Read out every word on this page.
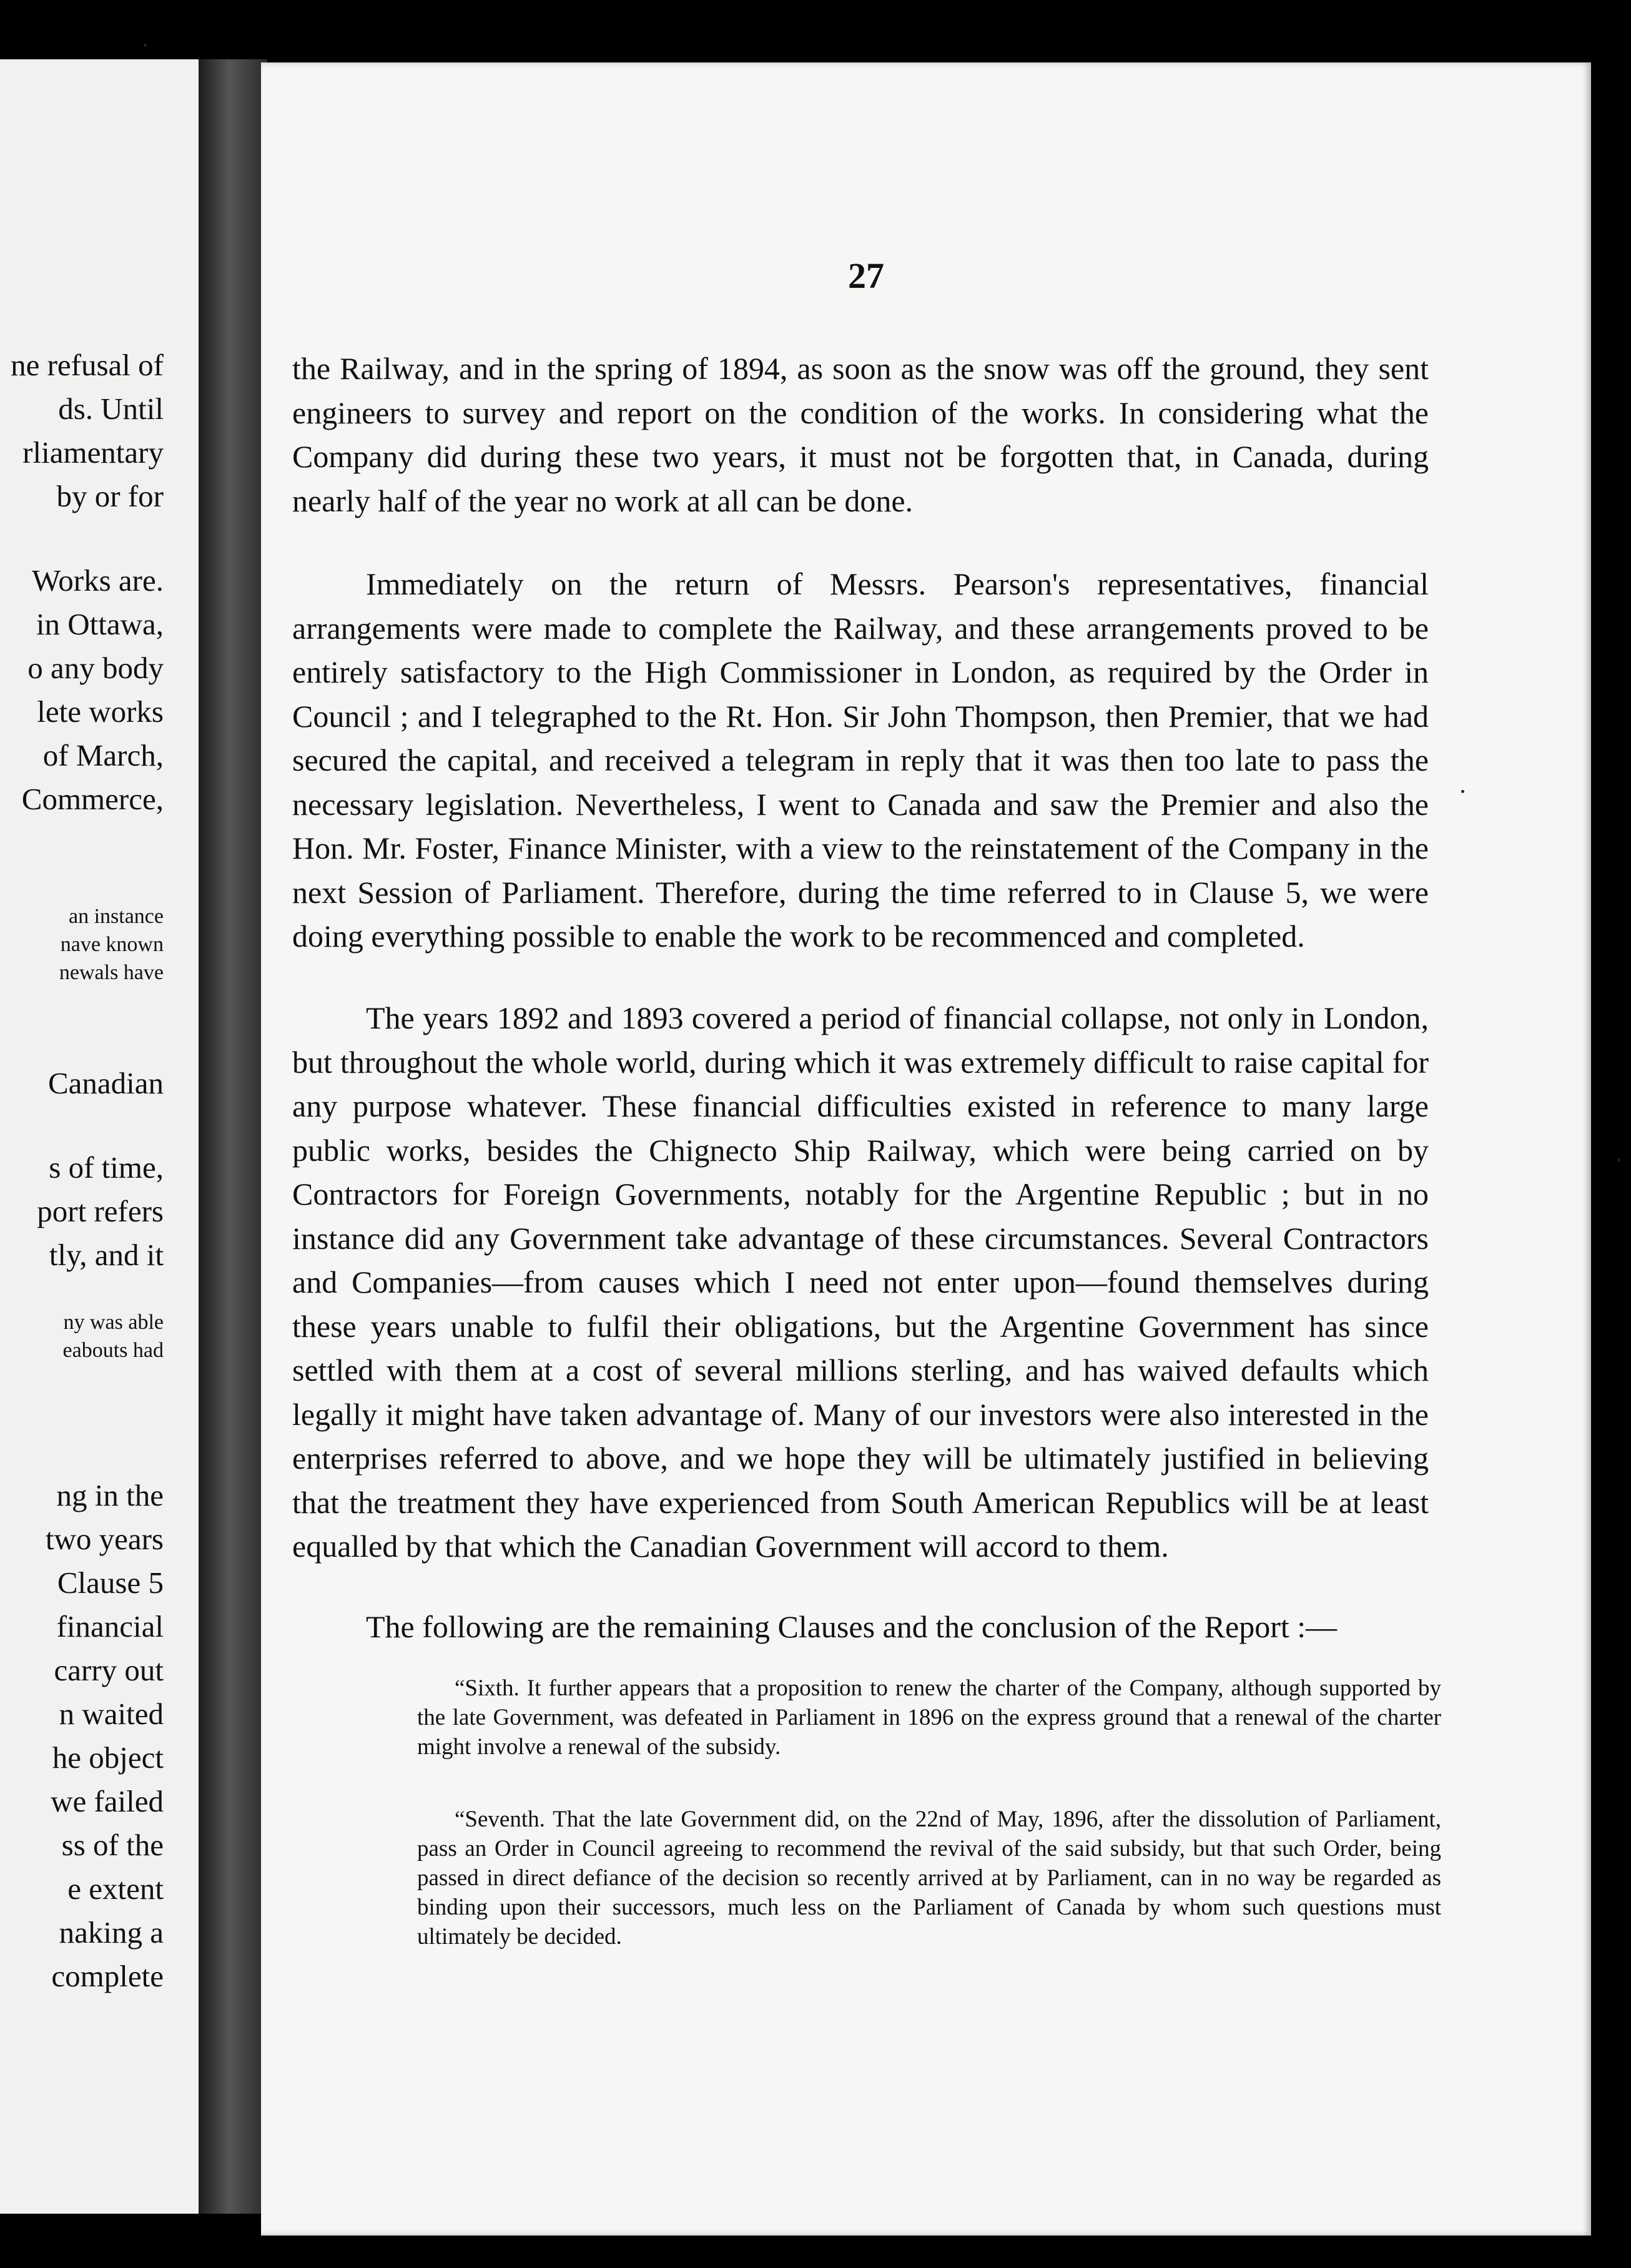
ne refusal of
ds. Until
rliamentary
by or for
Works are.
in Ottawa,
o any body
lete works
of March,
Commerce,
an instance
nave known
newals have
Canadian
s of time,
port refers
tly, and it
ny was able
eabouts had
ng in the
two years
Clause 5
financial
carry out
n waited
he object
we failed
ss of the
e extent
naking a
complete
27
the Railway, and in the spring of 1894, as soon as the snow was off the ground, they sent engineers to survey and report on the condition of the works. In considering what the Company did during these two years, it must not be forgotten that, in Canada, during nearly half of the year no work at all can be done.
Immediately on the return of Messrs. Pearson's representatives, financial arrangements were made to complete the Railway, and these arrangements proved to be entirely satisfactory to the High Commissioner in London, as required by the Order in Council ; and I telegraphed to the Rt. Hon. Sir John Thompson, then Premier, that we had secured the capital, and received a telegram in reply that it was then too late to pass the necessary legislation. Nevertheless, I went to Canada and saw the Premier and also the Hon. Mr. Foster, Finance Minister, with a view to the reinstatement of the Company in the next Session of Parliament. Therefore, during the time referred to in Clause 5, we were doing everything possible to enable the work to be recommenced and completed.
The years 1892 and 1893 covered a period of financial collapse, not only in London, but throughout the whole world, during which it was extremely difficult to raise capital for any purpose whatever. These financial difficulties existed in reference to many large public works, besides the Chignecto Ship Railway, which were being carried on by Contractors for Foreign Governments, notably for the Argentine Republic ; but in no instance did any Government take advantage of these circumstances. Several Contractors and Companies—from causes which I need not enter upon—found themselves during these years unable to fulfil their obligations, but the Argentine Government has since settled with them at a cost of several millions sterling, and has waived defaults which legally it might have taken advantage of. Many of our investors were also interested in the enterprises referred to above, and we hope they will be ultimately justified in believing that the treatment they have experienced from South American Republics will be at least equalled by that which the Canadian Government will accord to them.
The following are the remaining Clauses and the conclusion of the Report :—
“Sixth. It further appears that a proposition to renew the charter of the Company, although supported by the late Government, was defeated in Parliament in 1896 on the express ground that a renewal of the charter might involve a renewal of the subsidy.
“Seventh. That the late Government did, on the 22nd of May, 1896, after the dissolution of Parliament, pass an Order in Council agreeing to recommend the revival of the said subsidy, but that such Order, being passed in direct defiance of the decision so recently arrived at by Parliament, can in no way be regarded as binding upon their successors, much less on the Parliament of Canada by whom such questions must ultimately be decided.
